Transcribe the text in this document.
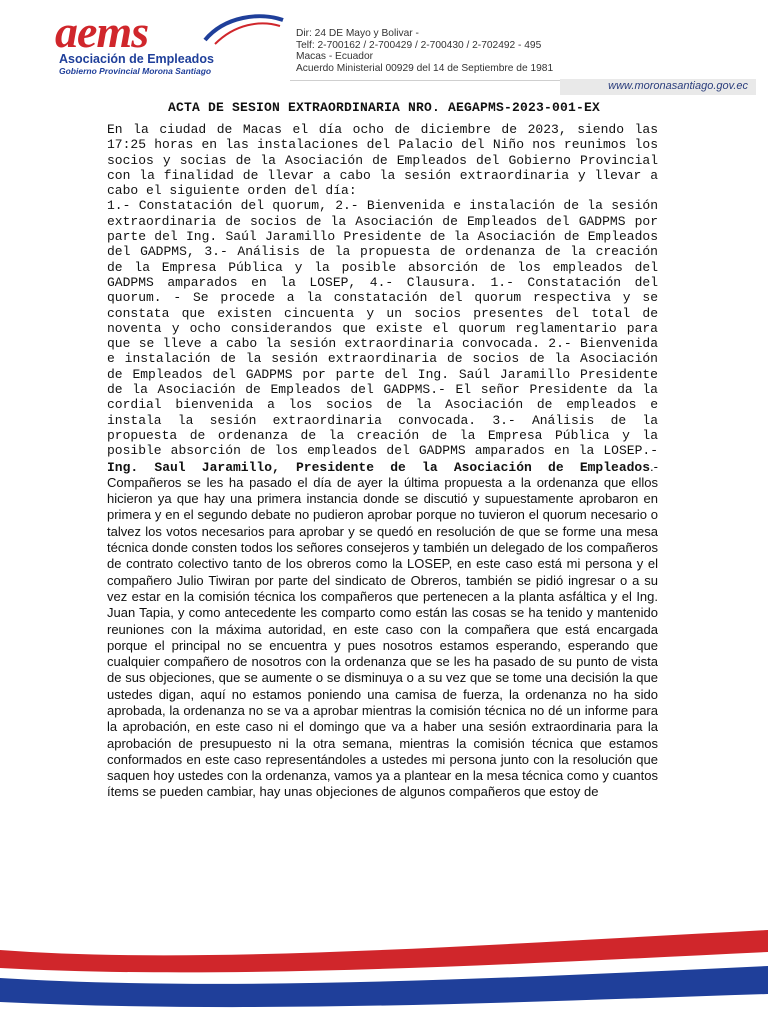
aems
Asociación de Empleados
Gobierno Provincial Morona Santiago
Dir: 24 DE Mayo y Bolivar -
Telf: 2-700162 / 2-700429 / 2-700430 / 2-702492 - 495
Macas - Ecuador
Acuerdo Ministerial 00929 del 14 de Septiembre de 1981
www.moronasantiago.gov.ec
ACTA DE SESION EXTRAORDINARIA NRO. AEGAPMS-2023-001-EX

En la ciudad de Macas el día ocho de diciembre de 2023, siendo las 17:25 horas en las instalaciones del Palacio del Niño nos reunimos los socios y socias de la Asociación de Empleados del Gobierno Provincial con la finalidad de llevar a cabo la sesión extraordinaria y llevar a cabo el siguiente orden del día:

1.- Constatación del quorum, 2.- Bienvenida e instalación de la sesión extraordinaria de socios de la Asociación de Empleados del GADPMS por parte del Ing. Saúl Jaramillo Presidente de la Asociación de Empleados del GADPMS, 3.- Análisis de la propuesta de ordenanza de la creación de la Empresa Pública y la posible absorción de los empleados del GADPMS amparados en la LOSEP, 4.- Clausura. 1.- Constatación del quorum. - Se procede a la constatación del quorum respectiva y se constata que existen cincuenta y un socios presentes del total de noventa y ocho considerandos que existe el quorum reglamentario para que se lleve a cabo la sesión extraordinaria convocada. 2.- Bienvenida e instalación de la sesión extraordinaria de socios de la Asociación de Empleados del GADPMS por parte del Ing. Saúl Jaramillo Presidente de la Asociación de Empleados del GADPMS.- El señor Presidente da la cordial bienvenida a los socios de la Asociación de empleados e instala la sesión extraordinaria convocada. 3.- Análisis de la propuesta de ordenanza de la creación de la Empresa Pública y la posible absorción de los empleados del GADPMS amparados en la LOSEP.- Ing. Saul Jaramillo, Presidente de la Asociación de Empleados.- Compañeros se les ha pasado el día de ayer la última propuesta a la ordenanza que ellos hicieron ya que hay una primera instancia donde se discutió y supuestamente aprobaron en primera y en el segundo debate no pudieron aprobar porque no tuvieron el quorum necesario o talvez los votos necesarios para aprobar y se quedó en resolución de que se forme una mesa técnica donde consten todos los señores consejeros y también un delegado de los compañeros de contrato colectivo tanto de los obreros como la LOSEP, en este caso está mi persona y el compañero Julio Tiwiran por parte del sindicato de Obreros, también se pidió ingresar o a su vez estar en la comisión técnica los compañeros que pertenecen a la planta asfáltica y el Ing. Juan Tapia, y como antecedente les comparto como están las cosas se ha tenido y mantenido reuniones con la máxima autoridad, en este caso con la compañera que está encargada porque el principal no se encuentra y pues nosotros estamos esperando, esperando que cualquier compañero de nosotros con la ordenanza que se les ha pasado de su punto de vista de sus objeciones, que se aumente o se disminuya o a su vez que se tome una decisión la que ustedes digan, aquí no estamos poniendo una camisa de fuerza, la ordenanza no ha sido aprobada, la ordenanza no se va a aprobar mientras la comisión técnica no dé un informe para la aprobación, en este caso ni el domingo que va a haber una sesión extraordinaria para la aprobación de presupuesto ni la otra semana, mientras la comisión técnica que estamos conformados en este caso representándoles a ustedes mi persona junto con la resolución que saquen hoy ustedes con la ordenanza, vamos ya a plantear en la mesa técnica como y cuantos ítems se pueden cambiar, hay unas objeciones de algunos compañeros que estoy de
